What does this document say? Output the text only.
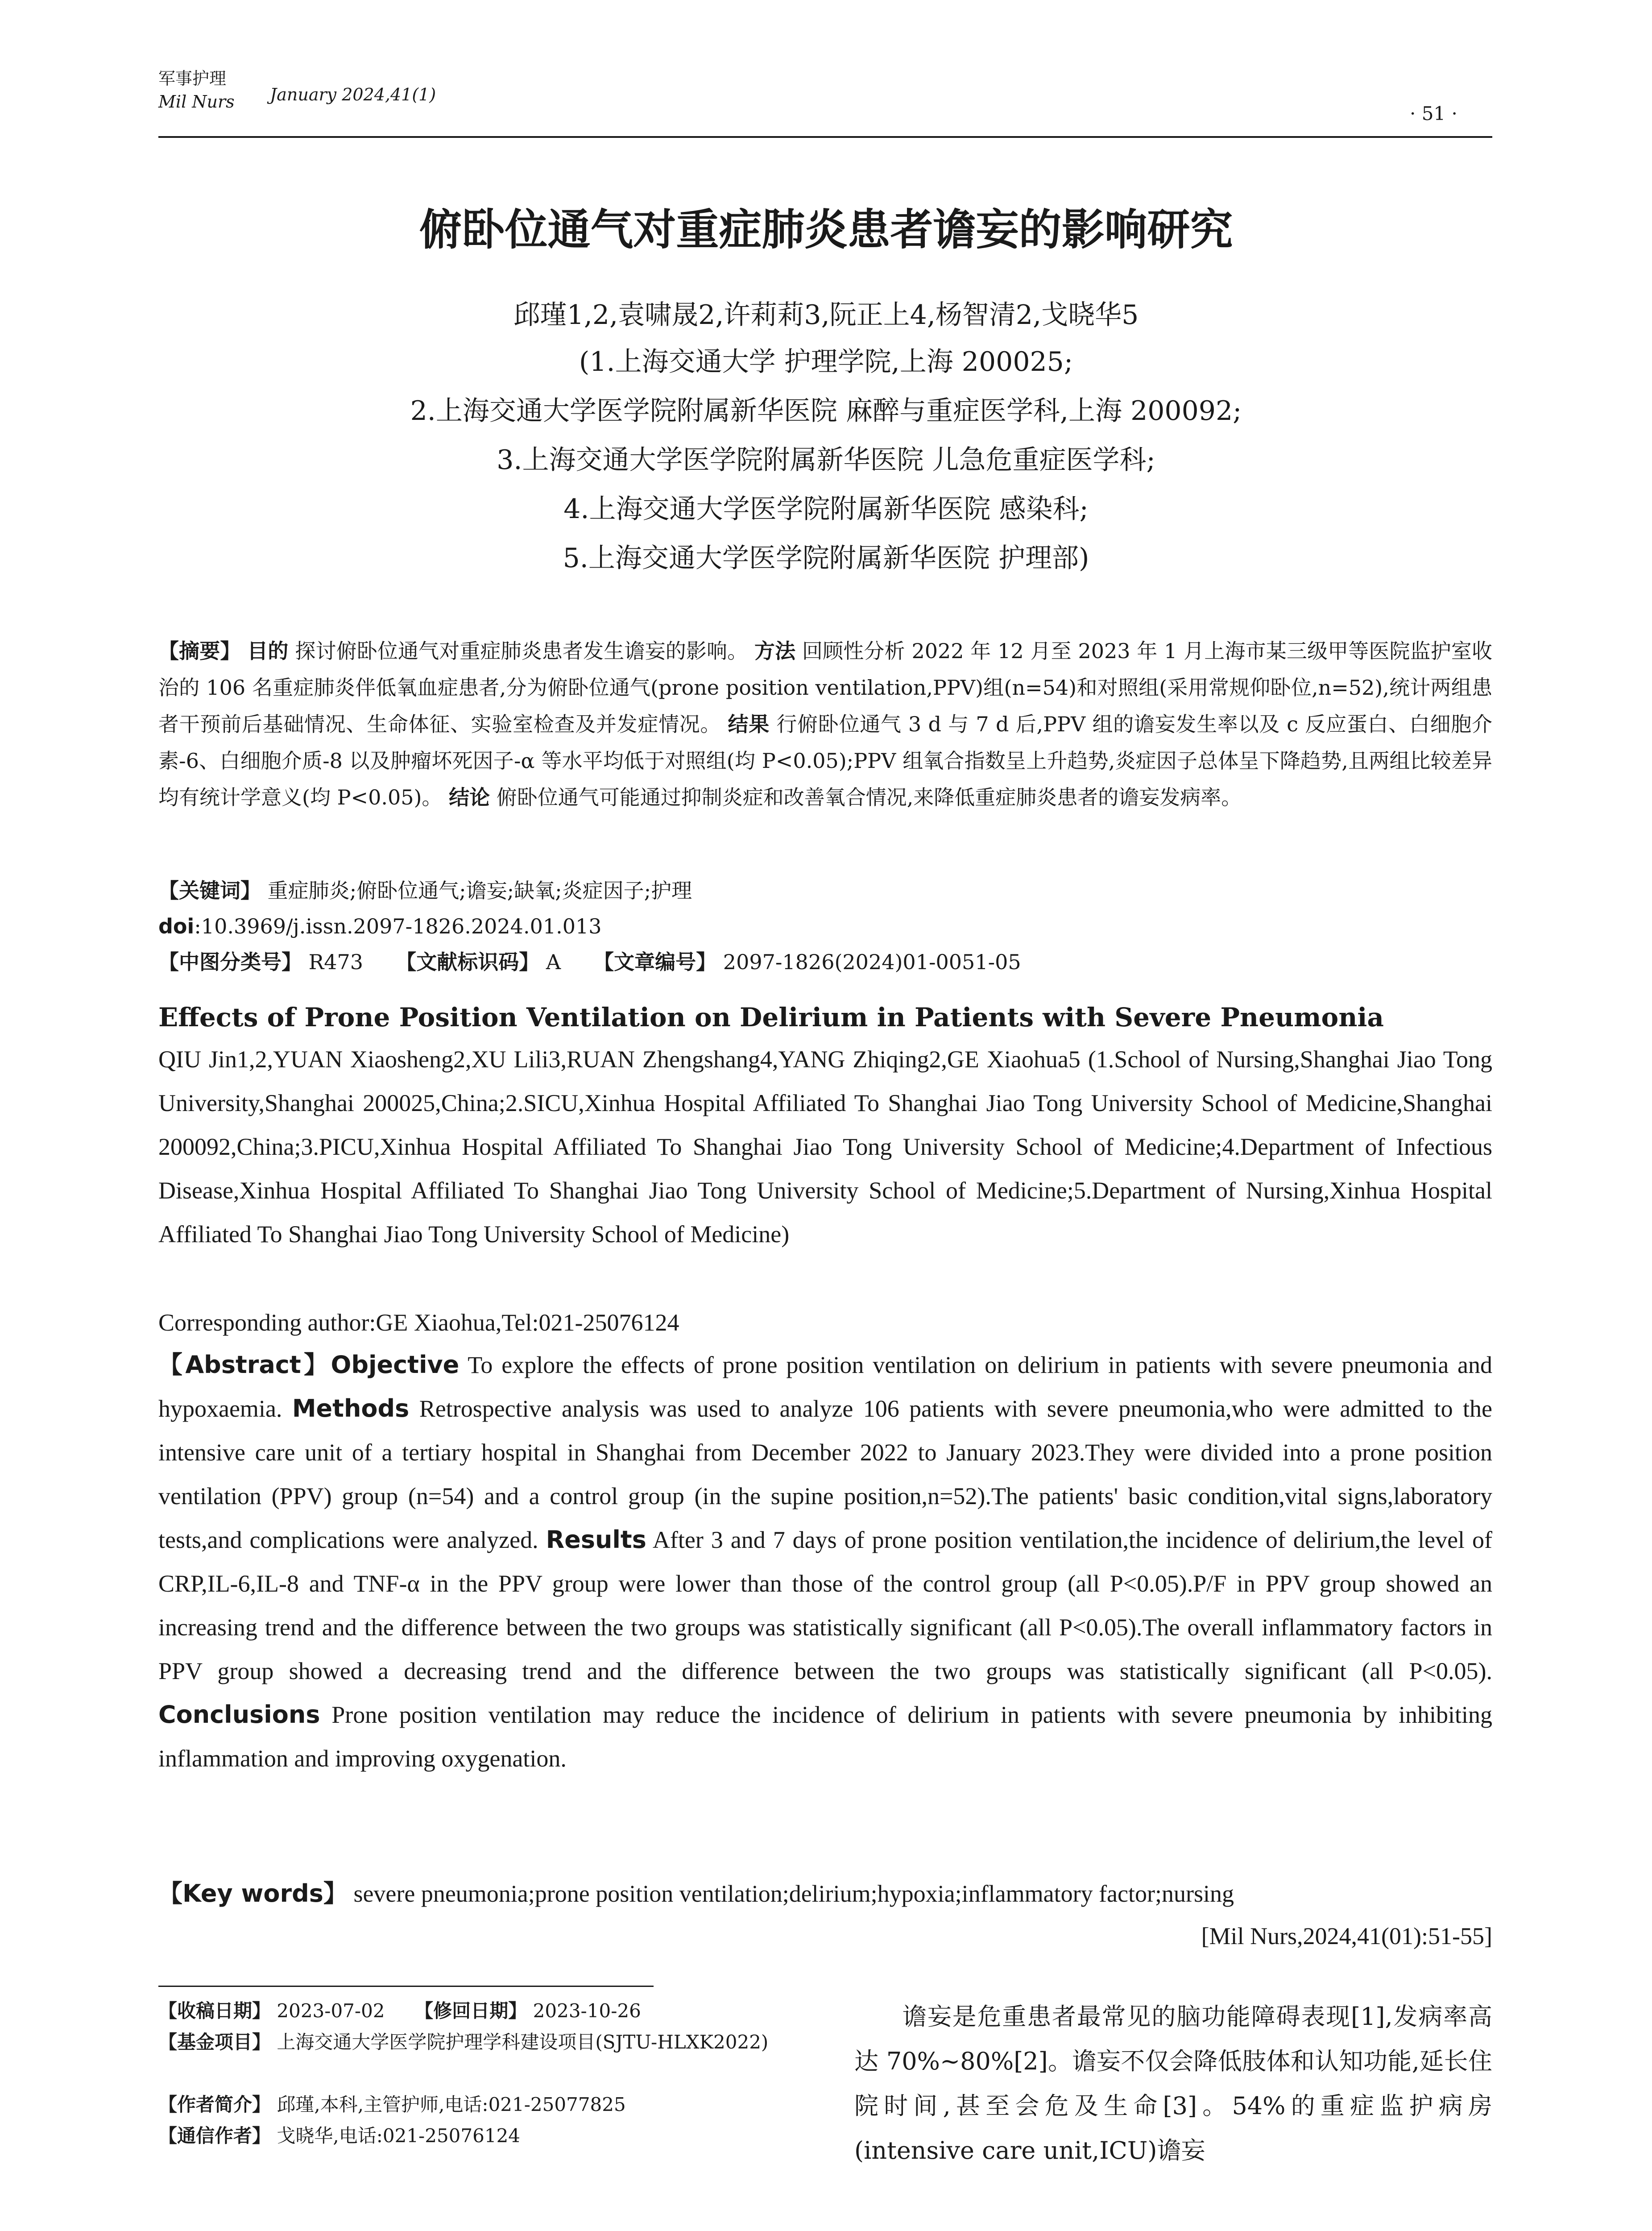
军事护理
Mil Nurs January 2024,41(1)
· 51 ·
俯卧位通气对重症肺炎患者谵妄的影响研究
邱瑾1,2,袁啸晟2,许莉莉3,阮正上4,杨智清2,戈晓华5
(1.上海交通大学 护理学院,上海 200025;
2.上海交通大学医学院附属新华医院 麻醉与重症医学科,上海 200092;
3.上海交通大学医学院附属新华医院 儿急危重症医学科;
4.上海交通大学医学院附属新华医院 感染科;
5.上海交通大学医学院附属新华医院 护理部)
【摘要】 目的 探讨俯卧位通气对重症肺炎患者发生谵妄的影响。 方法 回顾性分析 2022 年 12 月至 2023 年 1 月上海市某三级甲等医院监护室收治的 106 名重症肺炎伴低氧血症患者,分为俯卧位通气(prone position ventilation,PPV)组(n=54)和对照组(采用常规仰卧位,n=52),统计两组患者干预前后基础情况、生命体征、实验室检查及并发症情况。 结果 行俯卧位通气 3 d 与 7 d 后,PPV 组的谵妄发生率以及 c 反应蛋白、白细胞介素-6、白细胞介质-8 以及肿瘤坏死因子-α 等水平均低于对照组(均 P<0.05);PPV 组氧合指数呈上升趋势,炎症因子总体呈下降趋势,且两组比较差异均有统计学意义(均 P<0.05)。 结论 俯卧位通气可能通过抑制炎症和改善氧合情况,来降低重症肺炎患者的谵妄发病率。
【关键词】 重症肺炎;俯卧位通气;谵妄;缺氧;炎症因子;护理
doi:10.3969/j.issn.2097-1826.2024.01.013
【中图分类号】 R473 【文献标识码】 A 【文章编号】 2097-1826(2024)01-0051-05
Effects of Prone Position Ventilation on Delirium in Patients with Severe Pneumonia
QIU Jin1,2,YUAN Xiaosheng2,XU Lili3,RUAN Zhengshang4,YANG Zhiqing2,GE Xiaohua5 (1.School of Nursing,Shanghai Jiao Tong University,Shanghai 200025,China;2.SICU,Xinhua Hospital Affiliated To Shanghai Jiao Tong University School of Medicine,Shanghai 200092,China;3.PICU,Xinhua Hospital Affiliated To Shanghai Jiao Tong University School of Medicine;4.Department of Infectious Disease,Xinhua Hospital Affiliated To Shanghai Jiao Tong University School of Medicine;5.Department of Nursing,Xinhua Hospital Affiliated To Shanghai Jiao Tong University School of Medicine)
Corresponding author:GE Xiaohua,Tel:021-25076124
【Abstract】Objective To explore the effects of prone position ventilation on delirium in patients with severe pneumonia and hypoxaemia. Methods Retrospective analysis was used to analyze 106 patients with severe pneumonia,who were admitted to the intensive care unit of a tertiary hospital in Shanghai from December 2022 to January 2023.They were divided into a prone position ventilation (PPV) group (n=54) and a control group (in the supine position,n=52).The patients' basic condition,vital signs,laboratory tests,and complications were analyzed. Results After 3 and 7 days of prone position ventilation,the incidence of delirium,the level of CRP,IL-6,IL-8 and TNF-α in the PPV group were lower than those of the control group (all P<0.05).P/F in PPV group showed an increasing trend and the difference between the two groups was statistically significant (all P<0.05).The overall inflammatory factors in PPV group showed a decreasing trend and the difference between the two groups was statistically significant (all P<0.05). Conclusions Prone position ventilation may reduce the incidence of delirium in patients with severe pneumonia by inhibiting inflammation and improving oxygenation.
【Key words】 severe pneumonia;prone position ventilation;delirium;hypoxia;inflammatory factor;nursing
[Mil Nurs,2024,41(01):51-55]
【收稿日期】 2023-07-02 【修回日期】 2023-10-26
【基金项目】 上海交通大学医学院护理学科建设项目(SJTU-HLXK2022)
【作者简介】 邱瑾,本科,主管护师,电话:021-25077825
【通信作者】 戈晓华,电话:021-25076124
谵妄是危重患者最常见的脑功能障碍表现[1],发病率高达 70%~80%[2]。谵妄不仅会降低肢体和认知功能,延长住院时间,甚至会危及生命[3]。54%的重症监护病房(intensive care unit,ICU)谵妄
